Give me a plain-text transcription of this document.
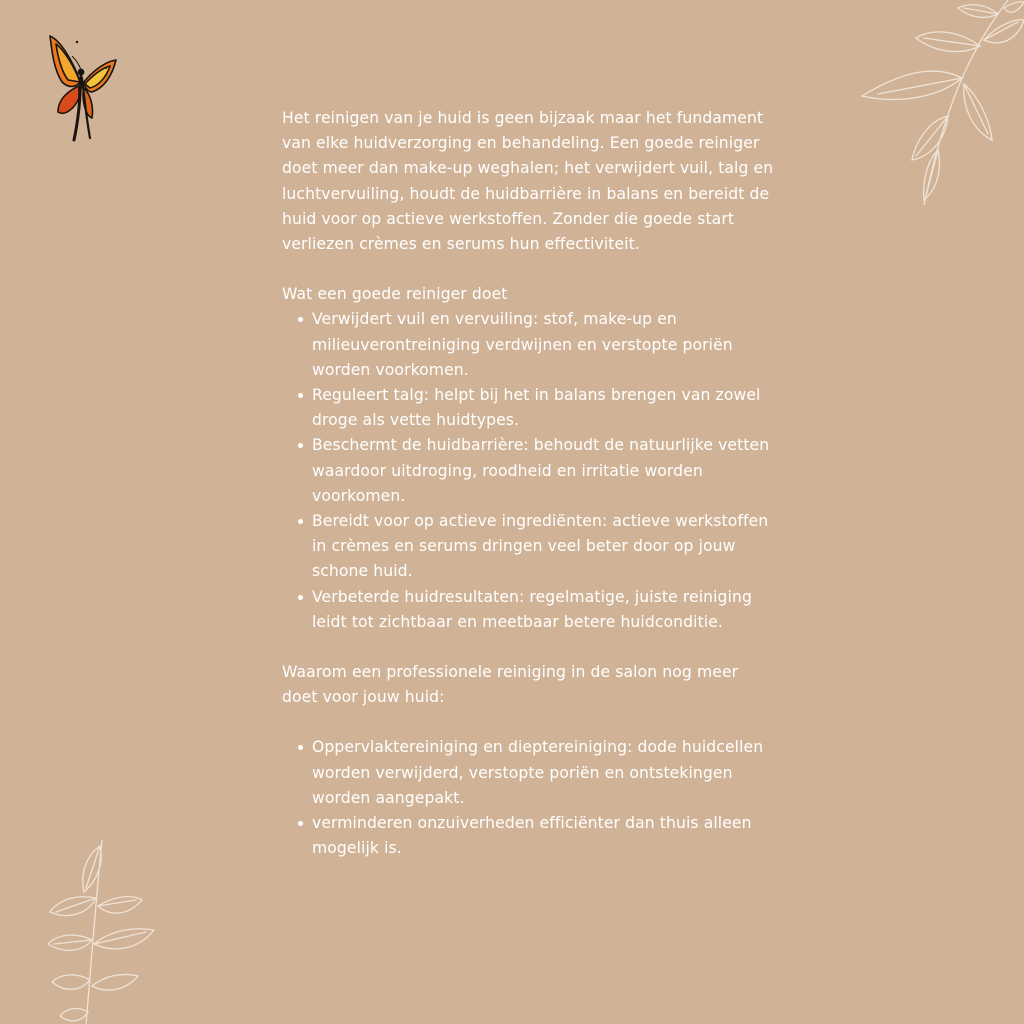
Het reinigen van je huid is geen bijzaak maar het fundament van elke huidverzorging en behandeling. Een goede reiniger doet meer dan make-up weghalen; het verwijdert vuil, talg en luchtvervuiling, houdt de huidbarrière in balans en bereidt de huid voor op actieve werkstoffen. Zonder die goede start verliezen crèmes en serums hun effectiviteit.

Wat een goede reiniger doet

Verwijdert vuil en vervuiling: stof, make-up en milieuverontreiniging verdwijnen en verstopte poriën worden voorkomen.
Reguleert talg: helpt bij het in balans brengen van zowel droge als vette huidtypes.
Beschermt de huidbarrière: behoudt de natuurlijke vetten waardoor uitdroging, roodheid en irritatie worden voorkomen.
Bereidt voor op actieve ingrediënten: actieve werkstoffen in crèmes en serums dringen veel beter door op jouw schone huid.
Verbeterde huidresultaten: regelmatige, juiste reiniging leidt tot zichtbaar en meetbaar betere huidconditie.

Waarom een professionele reiniging in de salon nog meer doet voor jouw huid:

Oppervlaktereiniging en dieptereiniging: dode huidcellen worden verwijderd, verstopte poriën en ontstekingen worden aangepakt.
verminderen onzuiverheden efficiënter dan thuis alleen mogelijk is.
